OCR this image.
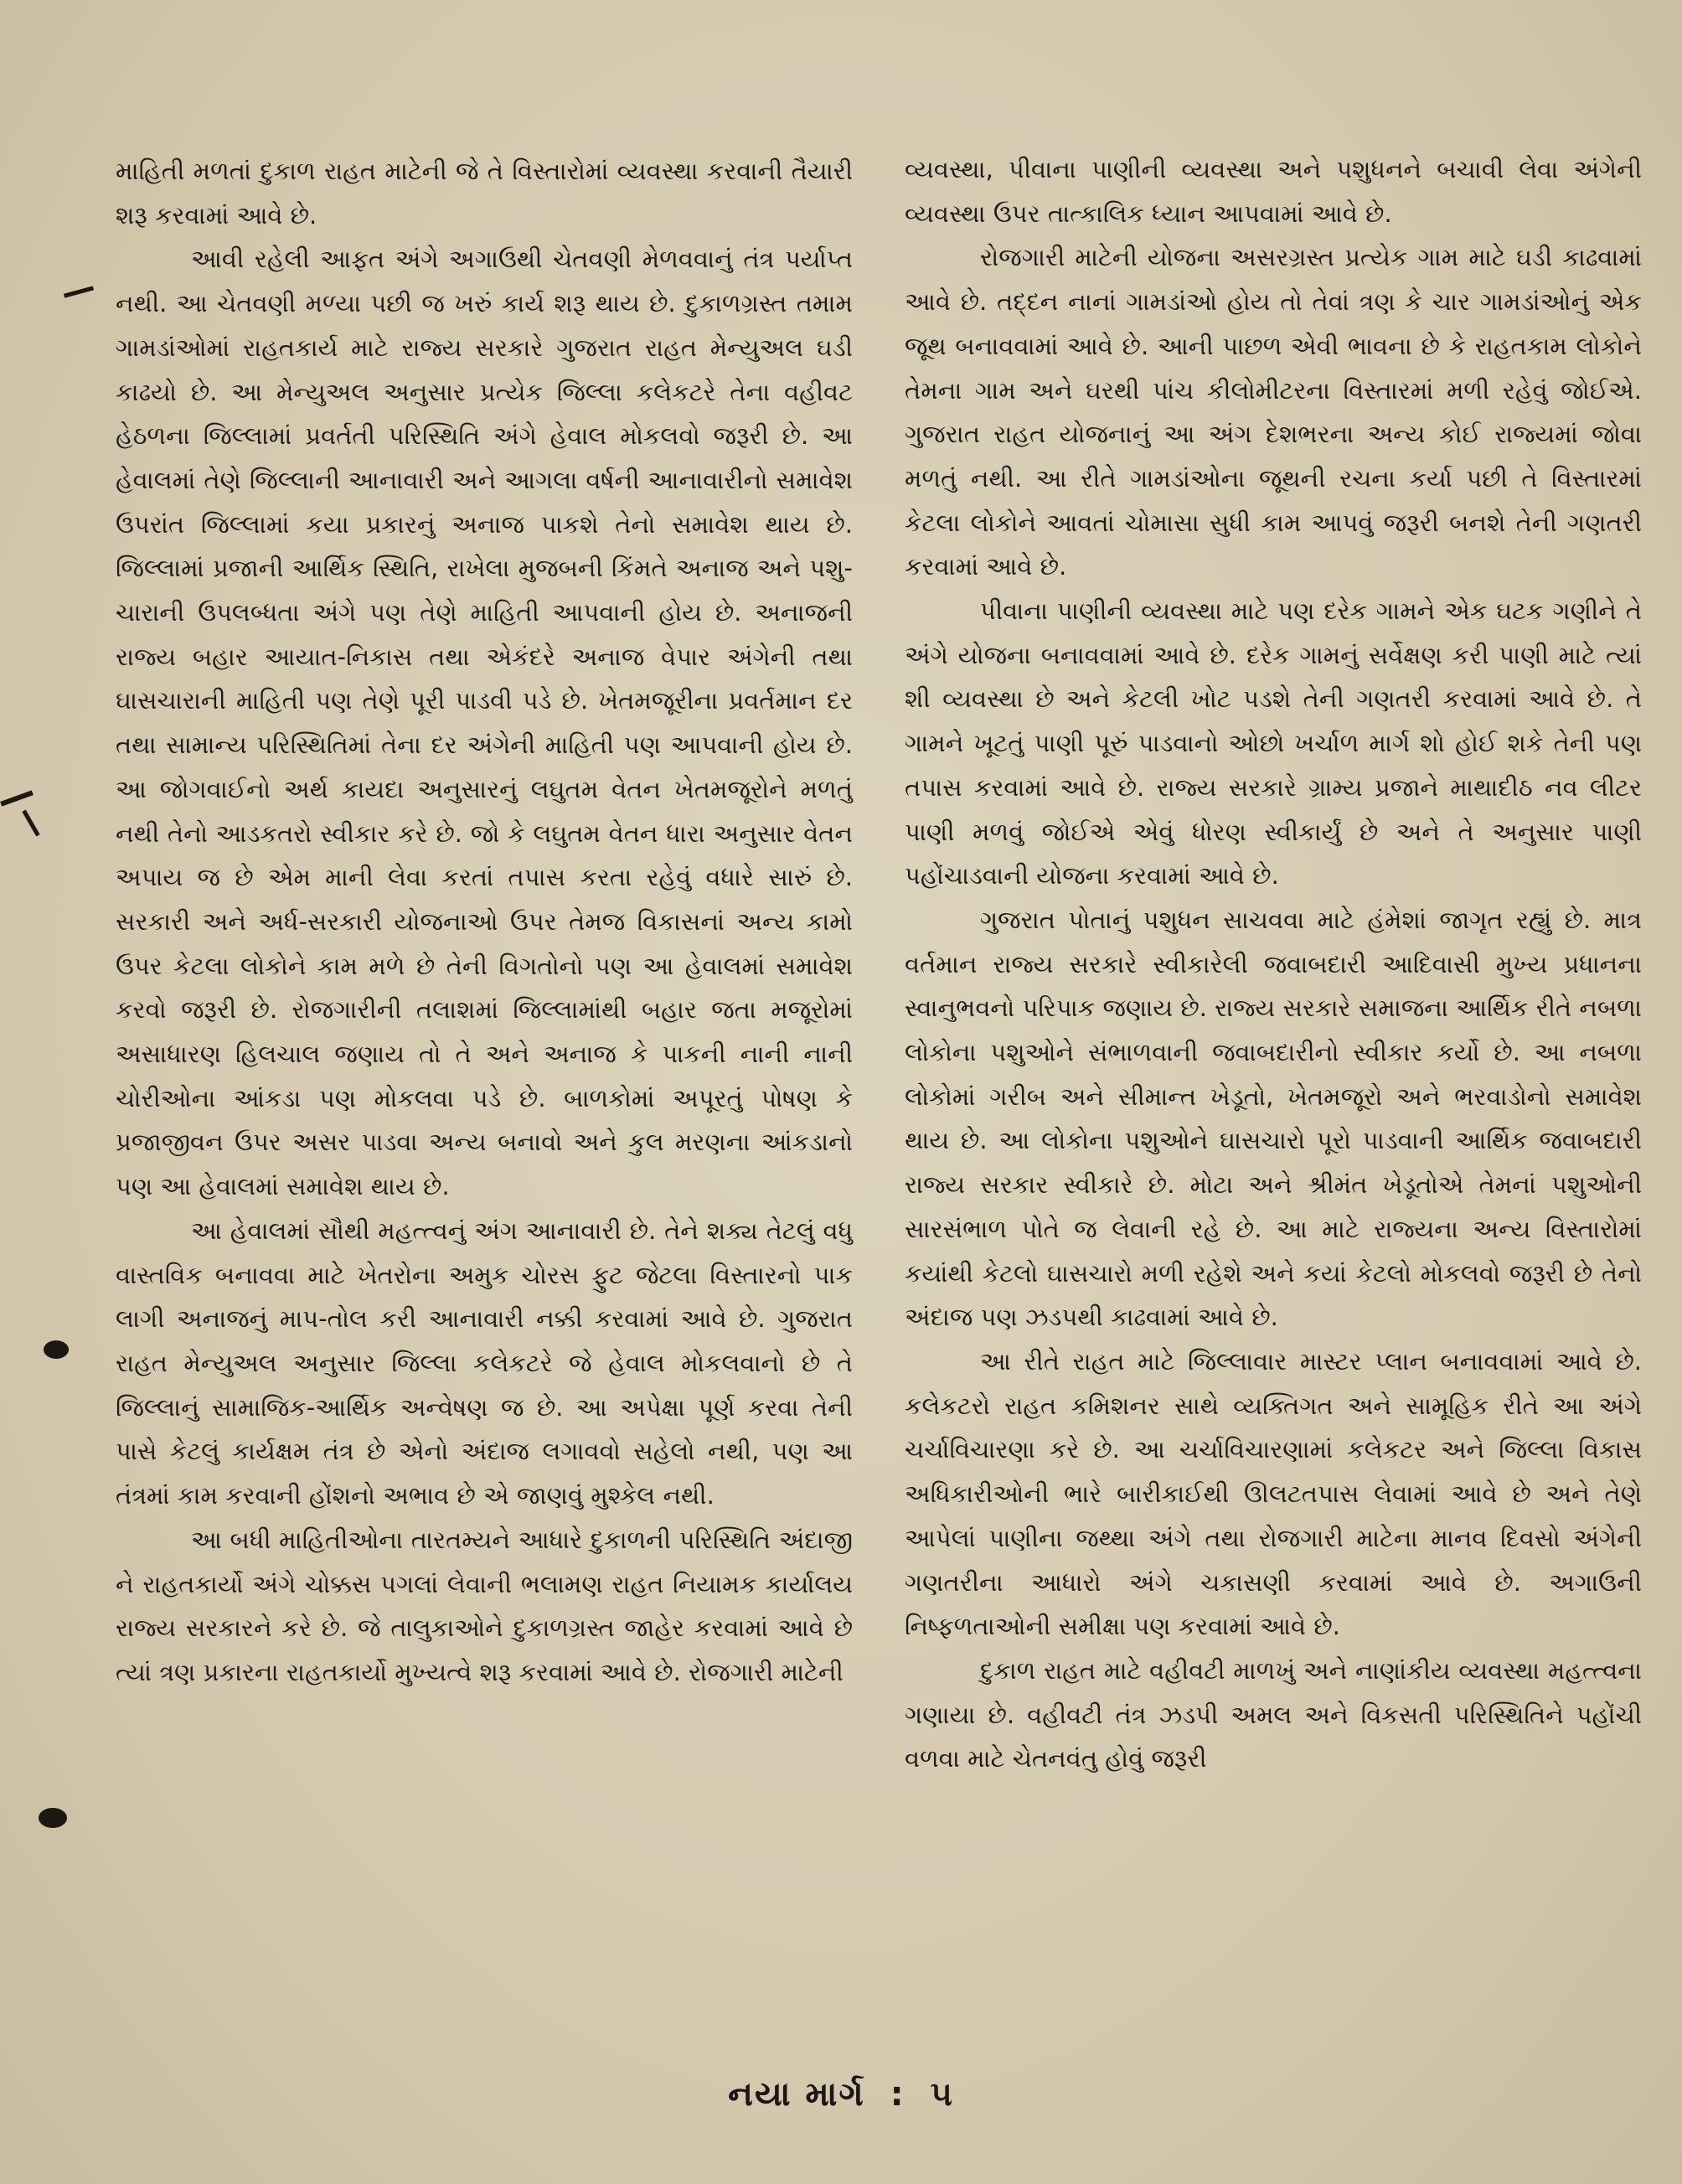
માહિતી મળતાં દુકાળ રાહત માટેની જે તે વિસ્તારોમાં વ્યવસ્થા કરવાની તૈયારી શરૂ કરવામાં આવે છે.

આવી રહેલી આફત અંગે અગાઉથી ચેતવણી મેળવવાનું તંત્ર પર્યાપ્ત નથી. આ ચેતવણી મળ્યા પછી જ ખરું કાર્ય શરૂ થાય છે. દુકાળગ્રસ્ત તમામ ગામડાંઓમાં રાહતકાર્ય માટે રાજ્ય સરકારે ગુજરાત રાહત મેન્યુઅલ ઘડી કાઢયો છે. આ મેન્યુઅલ અનુસાર પ્રત્યેક જિલ્લા કલેકટરે તેના વહીવટ હેઠળના જિલ્લામાં પ્રવર્તતી પરિસ્થિતિ અંગે હેવાલ મોકલવો જરૂરી છે. આ હેવાલમાં તેણે જિલ્લાની આનાવારી અને આગલા વર્ષની આનાવારીનો સમાવેશ ઉપરાંત જિલ્લામાં કયા પ્રકારનું અનાજ પાકશે તેનો સમાવેશ થાય છે. જિલ્લામાં પ્રજાની આર્થિક સ્થિતિ, રાખેલા મુજબની કિંમતે અનાજ અને પશુ-ચારાની ઉપલબ્ધતા અંગે પણ તેણે માહિતી આપવાની હોય છે. અનાજની રાજ્ય બહાર આયાત-નિકાસ તથા એકંદરે અનાજ વેપાર અંગેની તથા ઘાસચારાની માહિતી પણ તેણે પૂરી પાડવી પડે છે. ખેતમજૂરીના પ્રવર્તમાન દર તથા સામાન્ય પરિસ્થિતિમાં તેના દર અંગેની માહિતી પણ આપવાની હોય છે. આ જોગવાઈનો અર્થ કાયદા અનુસારનું લઘુતમ વેતન ખેતમજૂરોને મળતું નથી તેનો આડકતરો સ્વીકાર કરે છે. જો કે લઘુતમ વેતન ધારા અનુસાર વેતન અપાય જ છે એમ માની લેવા કરતાં તપાસ કરતા રહેવું વધારે સારું છે. સરકારી અને અર્ધ-સરકારી યોજનાઓ ઉપર તેમજ વિકાસનાં અન્ય કામો ઉપર કેટલા લોકોને કામ મળે છે તેની વિગતોનો પણ આ હેવાલમાં સમાવેશ કરવો જરૂરી છે. રોજગારીની તલાશમાં જિલ્લામાંથી બહાર જતા મજૂરોમાં અસાધારણ હિલચાલ જણાય તો તે અને અનાજ કે પાકની નાની નાની ચોરીઓના આંકડા પણ મોકલવા પડે છે. બાળકોમાં અપૂરતું પોષણ કે પ્રજાજીવન ઉપર અસર પાડવા અન્ય બનાવો અને કુલ મરણના આંકડાનો પણ આ હેવાલમાં સમાવેશ થાય છે.

આ હેવાલમાં સૌથી મહત્ત્વનું અંગ આનાવારી છે. તેને શક્ય તેટલું વધુ વાસ્તવિક બનાવવા માટે ખેતરોના અમુક ચોરસ ફુટ જેટલા વિસ્તારનો પાક લાગી અનાજનું માપ-તોલ કરી આનાવારી નક્કી કરવામાં આવે છે. ગુજરાત રાહત મેન્યુઅલ અનુસાર જિલ્લા કલેકટરે જે હેવાલ મોકલવાનો છે તે જિલ્લાનું સામાજિક-આર્થિક અન્વેષણ જ છે. આ અપેક્ષા પૂર્ણ કરવા તેની પાસે કેટલું કાર્યક્ષમ તંત્ર છે એનો અંદાજ લગાવવો સહેલો નથી, પણ આ તંત્રમાં કામ કરવાની હોંશનો અભાવ છે એ જાણવું મુશ્કેલ નથી.

આ બધી માહિતીઓના તારતમ્યને આધારે દુકાળની પરિસ્થિતિ અંદાજી ને રાહતકાર્યો અંગે ચોક્કસ પગલાં લેવાની ભલામણ રાહત નિયામક કાર્યાલય રાજ્ય સરકારને કરે છે. જે તાલુકાઓને દુકાળગ્રસ્ત જાહેર કરવામાં આવે છે ત્યાં ત્રણ પ્રકારના રાહતકાર્યો મુખ્યત્વે શરૂ કરવામાં આવે છે. રોજગારી માટેની

વ્યવસ્થા, પીવાના પાણીની વ્યવસ્થા અને પશુધનને બચાવી લેવા અંગેની વ્યવસ્થા ઉપર તાત્કાલિક ધ્યાન આપવામાં આવે છે.

રોજગારી માટેની યોજના અસરગ્રસ્ત પ્રત્યેક ગામ માટે ઘડી કાઢવામાં આવે છે. તદ્દન નાનાં ગામડાંઓ હોય તો તેવાં ત્રણ કે ચાર ગામડાંઓનું એક જૂથ બનાવવામાં આવે છે. આની પાછળ એવી ભાવના છે કે રાહતકામ લોકોને તેમના ગામ અને ઘરથી પાંચ કીલોમીટરના વિસ્તારમાં મળી રહેવું જોઈએ. ગુજરાત રાહત યોજનાનું આ અંગ દેશભરના અન્ય કોઈ રાજ્યમાં જોવા મળતું નથી. આ રીતે ગામડાંઓના જૂથની રચના કર્યા પછી તે વિસ્તારમાં કેટલા લોકોને આવતાં ચોમાસા સુધી કામ આપવું જરૂરી બનશે તેની ગણતરી કરવામાં આવે છે.

પીવાના પાણીની વ્યવસ્થા માટે પણ દરેક ગામને એક ઘટક ગણીને તે અંગે યોજના બનાવવામાં આવે છે. દરેક ગામનું સર્વેક્ષણ કરી પાણી માટે ત્યાં શી વ્યવસ્થા છે અને કેટલી ખોટ પડશે તેની ગણતરી કરવામાં આવે છે. તે ગામને ખૂટતું પાણી પૂરું પાડવાનો ઓછો ખર્ચાળ માર્ગ શો હોઈ શકે તેની પણ તપાસ કરવામાં આવે છે. રાજ્ય સરકારે ગ્રામ્ય પ્રજાને માથાદીઠ નવ લીટર પાણી મળવું જોઈએ એવું ધોરણ સ્વીકાર્યું છે અને તે અનુસાર પાણી પહોંચાડવાની યોજના કરવામાં આવે છે.

ગુજરાત પોતાનું પશુધન સાચવવા માટે હંમેશાં જાગૃત રહ્યું છે. માત્ર વર્તમાન રાજ્ય સરકારે સ્વીકારેલી જવાબદારી આદિવાસી મુખ્ય પ્રધાનના સ્વાનુભવનો પરિપાક જણાય છે. રાજ્ય સરકારે સમાજના આર્થિક રીતે નબળા લોકોના પશુઓને સંભાળવાની જવાબદારીનો સ્વીકાર કર્યો છે. આ નબળા લોકોમાં ગરીબ અને સીમાન્ત ખેડૂતો, ખેતમજૂરો અને ભરવાડોનો સમાવેશ થાય છે. આ લોકોના પશુઓને ઘાસચારો પૂરો પાડવાની આર્થિક જવાબદારી રાજ્ય સરકાર સ્વીકારે છે. મોટા અને શ્રીમંત ખેડૂતોએ તેમનાં પશુઓની સારસંભાળ પોતે જ લેવાની રહે છે. આ માટે રાજ્યના અન્ય વિસ્તારોમાં કયાંથી કેટલો ઘાસચારો મળી રહેશે અને કયાં કેટલો મોકલવો જરૂરી છે તેનો અંદાજ પણ ઝડપથી કાઢવામાં આવે છે.

આ રીતે રાહત માટે જિલ્લાવાર માસ્ટર પ્લાન બનાવવામાં આવે છે. કલેકટરો રાહત કમિશનર સાથે વ્યક્તિગત અને સામૂહિક રીતે આ અંગે ચર્ચાવિચારણા કરે છે. આ ચર્ચાવિચારણામાં કલેકટર અને જિલ્લા વિકાસ અધિકારીઓની ભારે બારીકાઈથી ઊલટતપાસ લેવામાં આવે છે અને તેણે આપેલાં પાણીના જથ્થા અંગે તથા રોજગારી માટેના માનવ દિવસો અંગેની ગણતરીના આધારો અંગે ચકાસણી કરવામાં આવે છે. અગાઉની નિષ્ફળતાઓની સમીક્ષા પણ કરવામાં આવે છે.

દુકાળ રાહત માટે વહીવટી માળખું અને નાણાંકીય વ્યવસ્થા મહત્ત્વના ગણાયા છે. વહીવટી તંત્ર ઝડપી અમલ અને વિકસતી પરિસ્થિતિને પહોંચી વળવા માટે ચેતનવંતુ હોવું જરૂરી

નયા માર્ગ : ૫
